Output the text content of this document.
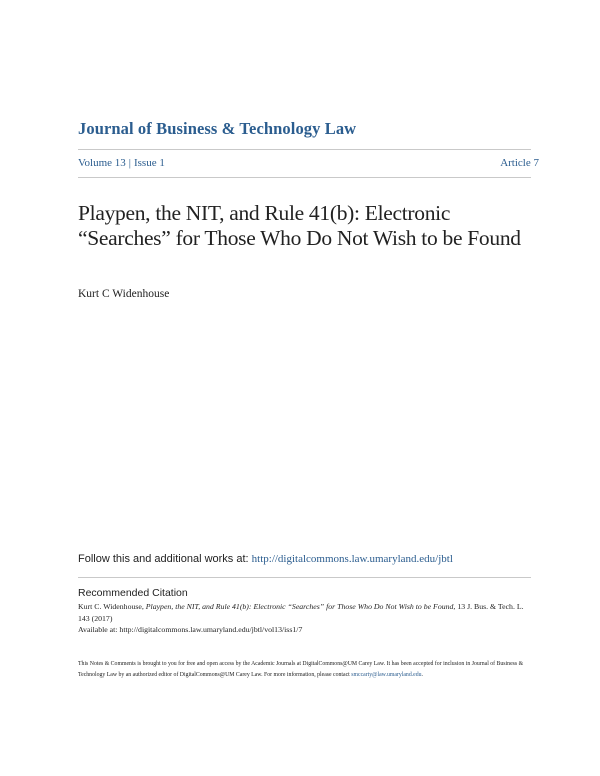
Journal of Business & Technology Law
Volume 13 | Issue 1	Article 7
Playpen, the NIT, and Rule 41(b): Electronic “Searches” for Those Who Do Not Wish to be Found
Kurt C Widenhouse
Follow this and additional works at: http://digitalcommons.law.umaryland.edu/jbtl
Recommended Citation
Kurt C. Widenhouse, Playpen, the NIT, and Rule 41(b): Electronic “Searches” for Those Who Do Not Wish to be Found, 13 J. Bus. & Tech. L. 143 (2017)
Available at: http://digitalcommons.law.umaryland.edu/jbtl/vol13/iss1/7
This Notes & Comments is brought to you for free and open access by the Academic Journals at DigitalCommons@UM Carey Law. It has been accepted for inclusion in Journal of Business & Technology Law by an authorized editor of DigitalCommons@UM Carey Law. For more information, please contact smccarty@law.umaryland.edu.
